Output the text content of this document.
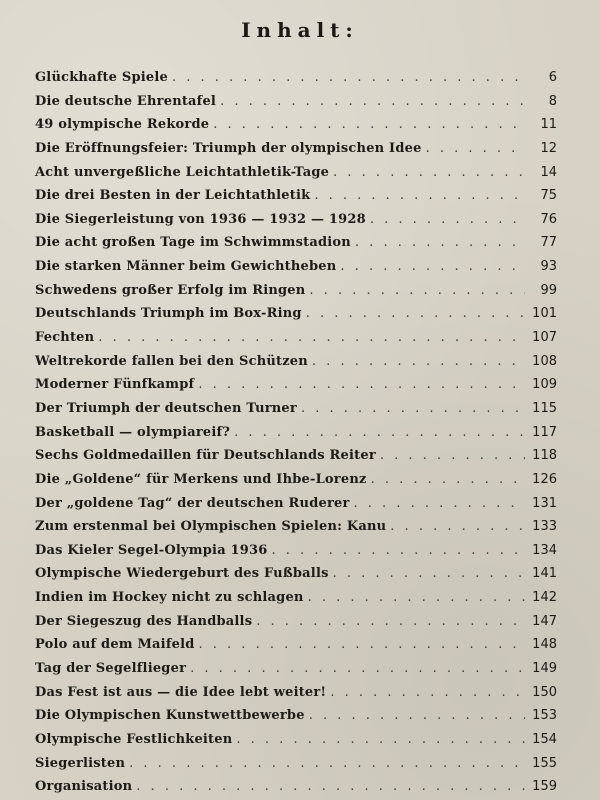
Inhalt:
Glückhafte Spiele . . .	6
Die deutsche Ehrentafel . . .	8
49 olympische Rekorde . . .	11
Die Eröffnungsfeier: Triumph der olympischen Idee . . .	12
Acht unvergeßliche Leichtathletik-Tage . . .	14
Die drei Besten in der Leichtathletik . . .	75
Die Siegerleistung von 1936 — 1932 — 1928 . . .	76
Die acht großen Tage im Schwimmstadion . . .	77
Die starken Männer beim Gewichtheben . . .	93
Schwedens großer Erfolg im Ringen . . .	99
Deutschlands Triumph im Box-Ring . . .	101
Fechten . . .	107
Weltrekorde fallen bei den Schützen . . .	108
Moderner Fünfkampf . . .	109
Der Triumph der deutschen Turner . . .	115
Basketball — olympiareif? . . .	117
Sechs Goldmedaillen für Deutschlands Reiter . . .	118
Die „Goldene“ für Merkens und Ihbe-Lorenz . . .	126
Der „goldene Tag“ der deutschen Ruderer . . .	131
Zum erstenmal bei Olympischen Spielen: Kanu . . .	133
Das Kieler Segel-Olympia 1936 . . .	134
Olympische Wiedergeburt des Fußballs . . .	141
Indien im Hockey nicht zu schlagen . . .	142
Der Siegeszug des Handballs . . .	147
Polo auf dem Maifeld . . .	148
Tag der Segelflieger . . .	149
Das Fest ist aus — die Idee lebt weiter! . . .	150
Die Olympischen Kunstwettbewerbe . . .	153
Olympische Festlichkeiten . . .	154
Siegerlisten . . .	155
Organisation . . .	159
